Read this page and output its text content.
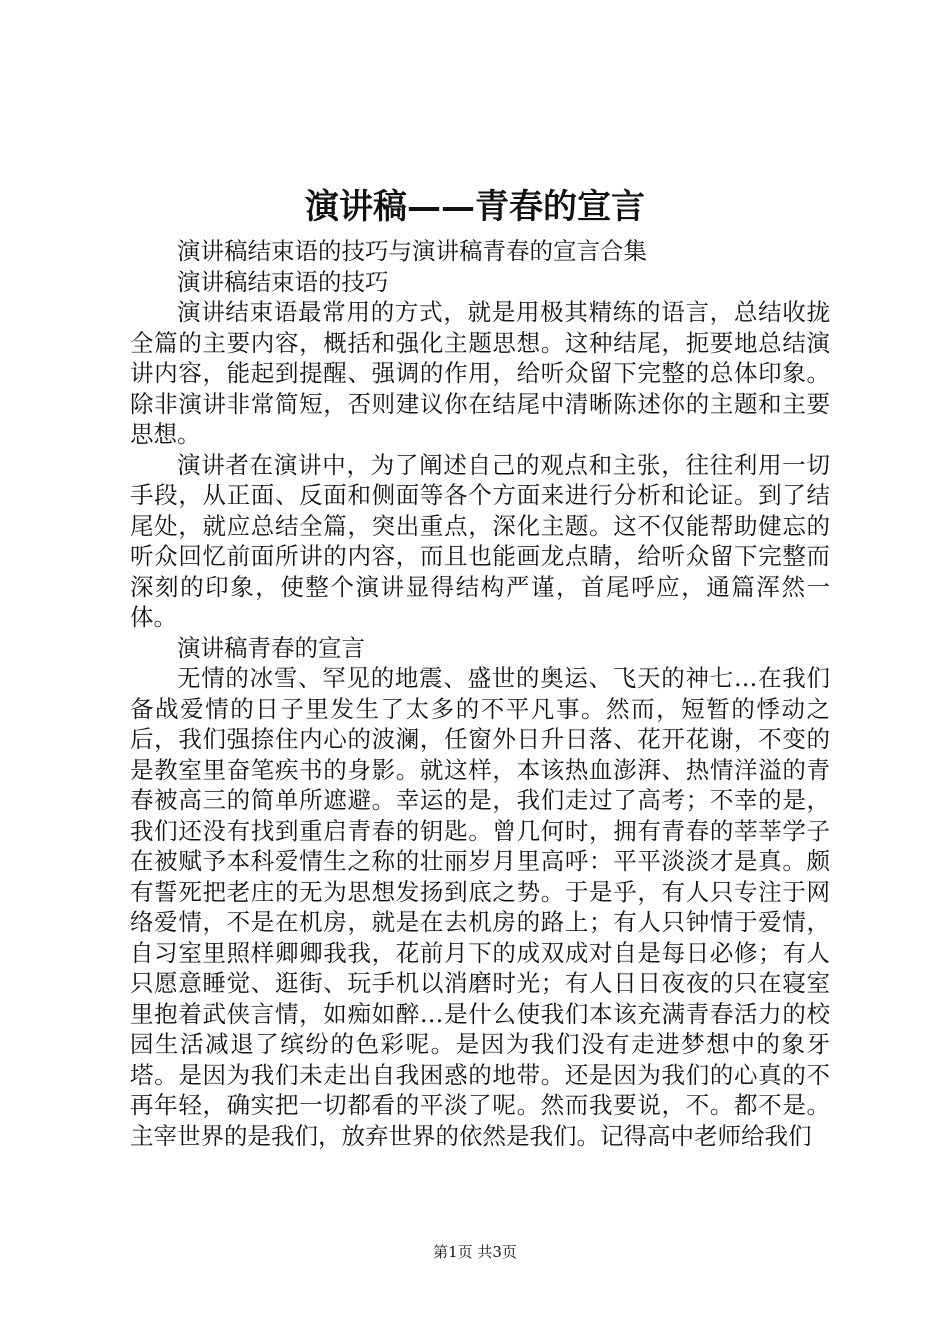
演讲稿——青春的宣言

演讲稿结束语的技巧与演讲稿青春的宣言合集

演讲稿结束语的技巧

演讲结束语最常用的方式，就是用极其精练的语言，总结收拢全篇的主要内容，概括和强化主题思想。这种结尾，扼要地总结演讲内容，能起到提醒、强调的作用，给听众留下完整的总体印象。除非演讲非常简短，否则建议你在结尾中清晰陈述你的主题和主要思想。

演讲者在演讲中，为了阐述自己的观点和主张，往往利用一切手段，从正面、反面和侧面等各个方面来进行分析和论证。到了结尾处，就应总结全篇，突出重点，深化主题。这不仅能帮助健忘的听众回忆前面所讲的内容，而且也能画龙点睛，给听众留下完整而深刻的印象，使整个演讲显得结构严谨，首尾呼应，通篇浑然一体。

演讲稿青春的宣言

无情的冰雪、罕见的地震、盛世的奥运、飞天的神七…在我们备战爱情的日子里发生了太多的不平凡事。然而，短暂的悸动之后，我们强捺住内心的波澜，任窗外日升日落、花开花谢，不变的是教室里奋笔疾书的身影。就这样，本该热血澎湃、热情洋溢的青春被高三的简单所遮避。幸运的是，我们走过了高考；不幸的是，我们还没有找到重启青春的钥匙。曾几何时，拥有青春的莘莘学子在被赋予本科爱情生之称的壮丽岁月里高呼：平平淡淡才是真。颇有誓死把老庄的无为思想发扬到底之势。于是乎，有人只专注于网络爱情，不是在机房，就是在去机房的路上；有人只钟情于爱情，自习室里照样卿卿我我，花前月下的成双成对自是每日必修；有人只愿意睡觉、逛街、玩手机以消磨时光；有人日日夜夜的只在寝室里抱着武侠言情，如痴如醉…是什么使我们本该充满青春活力的校园生活减退了缤纷的色彩呢。是因为我们没有走进梦想中的象牙塔。是因为我们未走出自我困惑的地带。还是因为我们的心真的不再年轻，确实把一切都看的平淡了呢。然而我要说，不。都不是。主宰世界的是我们，放弃世界的依然是我们。记得高中老师给我们

第1页 共3页
